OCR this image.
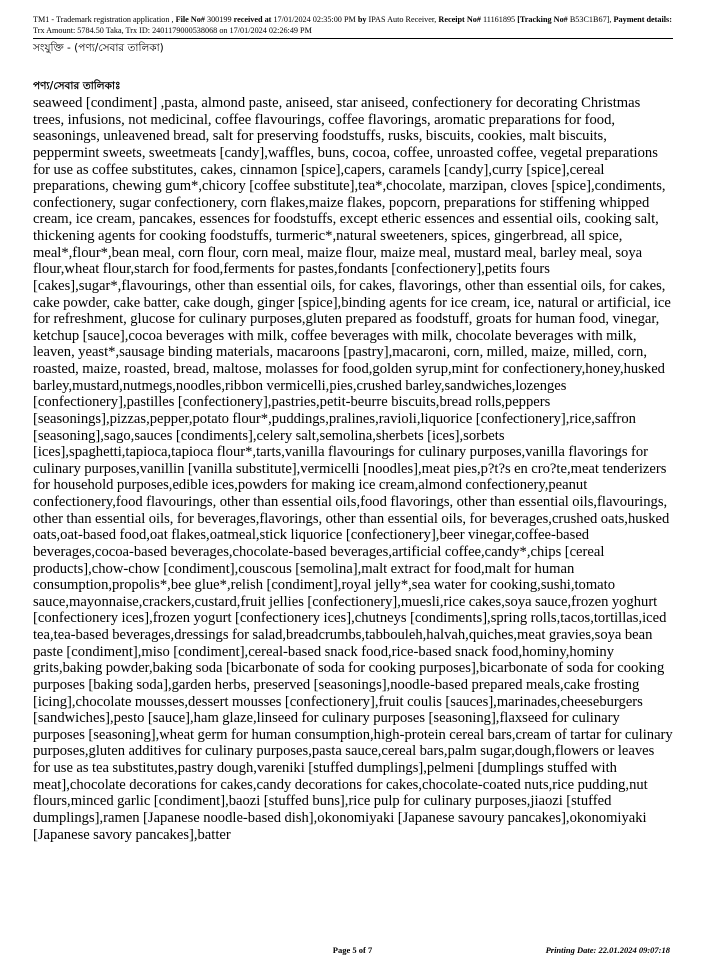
TM1 - Trademark registration application , File No# 300199 received at 17/01/2024 02:35:00 PM by IPAS Auto Receiver, Receipt No# 11161895 [Tracking No# B53C1B67], Payment details: Trx Amount: 5784.50 Taka, Trx ID: 2401179000538068 on 17/01/2024 02:26:49 PM
সংযুক্তি - (পণ্য/সেবার তালিকা)
পণ্য/সেবার তালিকাঃ
seaweed [condiment] ,pasta, almond paste, aniseed, star aniseed, confectionery for decorating Christmas trees, infusions, not medicinal, coffee flavourings, coffee flavorings, aromatic preparations for food, seasonings, unleavened bread, salt for preserving foodstuffs, rusks, biscuits, cookies, malt biscuits, peppermint sweets, sweetmeats [candy],waffles, buns, cocoa, coffee, unroasted coffee, vegetal preparations for use as coffee substitutes, cakes, cinnamon [spice],capers, caramels [candy],curry [spice],cereal preparations, chewing gum*,chicory [coffee substitute],tea*,chocolate, marzipan, cloves [spice],condiments, confectionery, sugar confectionery, corn flakes,maize flakes, popcorn, preparations for stiffening whipped cream, ice cream, pancakes, essences for foodstuffs, except etheric essences and essential oils, cooking salt, thickening agents for cooking foodstuffs, turmeric*,natural sweeteners, spices, gingerbread, all spice, meal*,flour*,bean meal, corn flour, corn meal, maize flour, maize meal, mustard meal, barley meal, soya flour,wheat flour,starch for food,ferments for pastes,fondants [confectionery],petits fours [cakes],sugar*,flavourings, other than essential oils, for cakes, flavorings, other than essential oils, for cakes, cake powder, cake batter, cake dough, ginger [spice],binding agents for ice cream, ice, natural or artificial, ice for refreshment, glucose for culinary purposes,gluten prepared as foodstuff, groats for human food, vinegar, ketchup [sauce],cocoa beverages with milk, coffee beverages with milk, chocolate beverages with milk, leaven, yeast*,sausage binding materials, macaroons [pastry],macaroni, corn, milled, maize, milled, corn, roasted, maize, roasted, bread, maltose, molasses for food,golden syrup,mint for confectionery,honey,husked barley,mustard,nutmegs,noodles,ribbon vermicelli,pies,crushed barley,sandwiches,lozenges [confectionery],pastilles [confectionery],pastries,petit-beurre biscuits,bread rolls,peppers [seasonings],pizzas,pepper,potato flour*,puddings,pralines,ravioli,liquorice [confectionery],rice,saffron [seasoning],sago,sauces [condiments],celery salt,semolina,sherbets [ices],sorbets [ices],spaghetti,tapioca,tapioca flour*,tarts,vanilla flavourings for culinary purposes,vanilla flavorings for culinary purposes,vanillin [vanilla substitute],vermicelli [noodles],meat pies,p?t?s en cro?te,meat tenderizers for household purposes,edible ices,powders for making ice cream,almond confectionery,peanut confectionery,food flavourings, other than essential oils,food flavorings, other than essential oils,flavourings, other than essential oils, for beverages,flavorings, other than essential oils, for beverages,crushed oats,husked oats,oat-based food,oat flakes,oatmeal,stick liquorice [confectionery],beer vinegar,coffee-based beverages,cocoa-based beverages,chocolate-based beverages,artificial coffee,candy*,chips [cereal products],chow-chow [condiment],couscous [semolina],malt extract for food,malt for human consumption,propolis*,bee glue*,relish [condiment],royal jelly*,sea water for cooking,sushi,tomato sauce,mayonnaise,crackers,custard,fruit jellies [confectionery],muesli,rice cakes,soya sauce,frozen yoghurt [confectionery ices],frozen yogurt [confectionery ices],chutneys [condiments],spring rolls,tacos,tortillas,iced tea,tea-based beverages,dressings for salad,breadcrumbs,tabbouleh,halvah,quiches,meat gravies,soya bean paste [condiment],miso [condiment],cereal-based snack food,rice-based snack food,hominy,hominy grits,baking powder,baking soda [bicarbonate of soda for cooking purposes],bicarbonate of soda for cooking purposes [baking soda],garden herbs, preserved [seasonings],noodle-based prepared meals,cake frosting [icing],chocolate mousses,dessert mousses [confectionery],fruit coulis [sauces],marinades,cheeseburgers [sandwiches],pesto [sauce],ham glaze,linseed for culinary purposes [seasoning],flaxseed for culinary purposes [seasoning],wheat germ for human consumption,high-protein cereal bars,cream of tartar for culinary purposes,gluten additives for culinary purposes,pasta sauce,cereal bars,palm sugar,dough,flowers or leaves for use as tea substitutes,pastry dough,vareniki [stuffed dumplings],pelmeni [dumplings stuffed with meat],chocolate decorations for cakes,candy decorations for cakes,chocolate-coated nuts,rice pudding,nut flours,minced garlic [condiment],baozi [stuffed buns],rice pulp for culinary purposes,jiaozi [stuffed dumplings],ramen [Japanese noodle-based dish],okonomiyaki [Japanese savoury pancakes],okonomiyaki [Japanese savory pancakes],batter
Page 5 of 7	Printing Date: 22.01.2024 09:07:18
